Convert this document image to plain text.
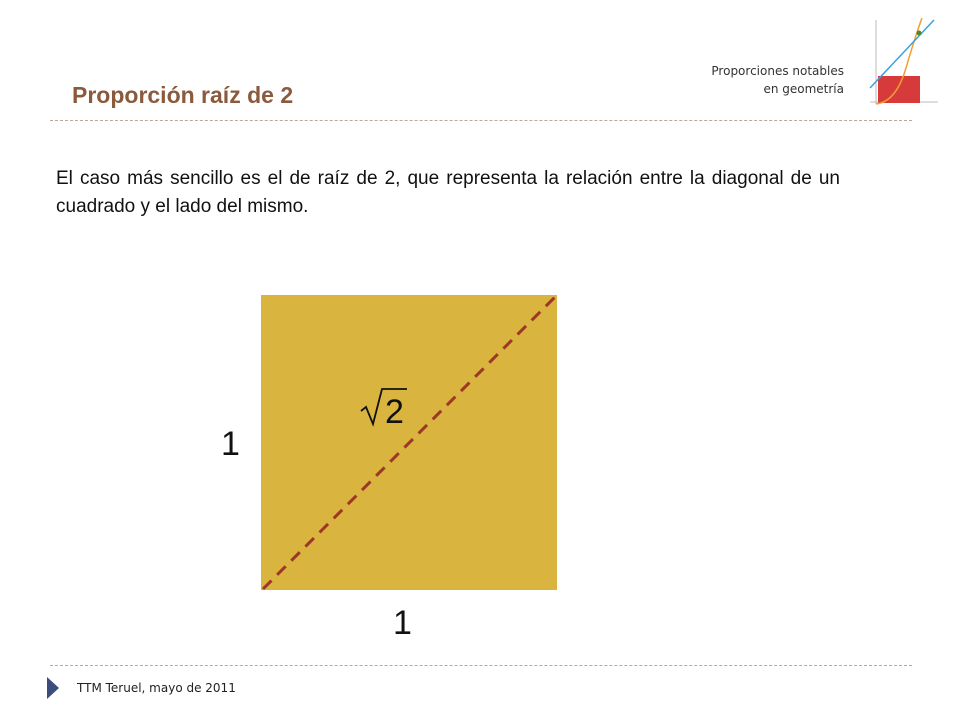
Proporción raíz de 2
Proporciones notables
en geometría

El caso más sencillo es el de raíz de 2, que representa la relación entre la diagonal de un cuadrado y el lado del mismo.

2
1
1
TTM Teruel, mayo de 2011
